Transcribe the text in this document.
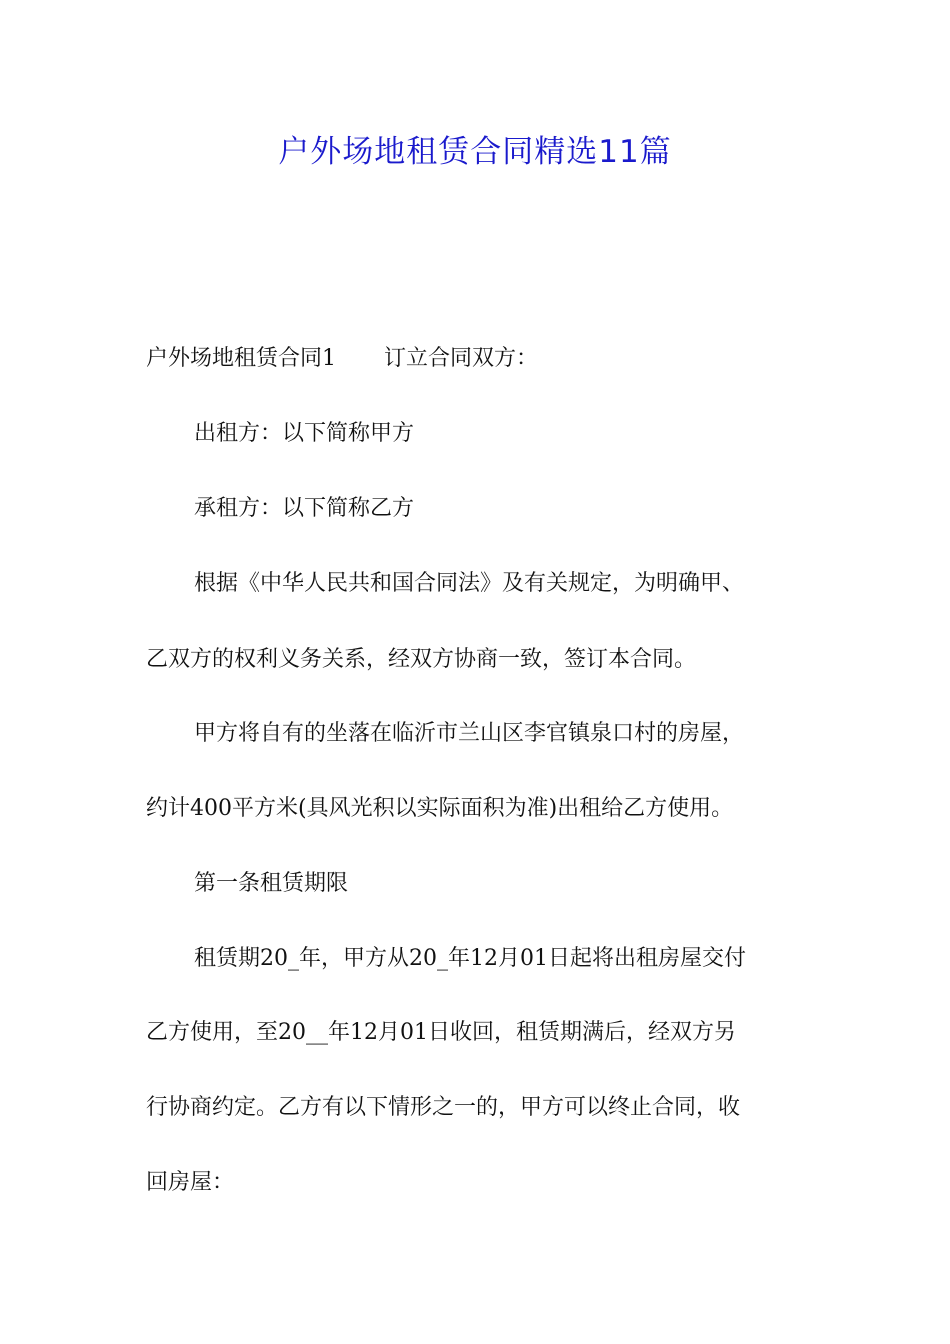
户外场地租赁合同精选11篇

户外场地租赁合同1 订立合同双方：

出租方：以下简称甲方

承租方：以下简称乙方

根据《中华人民共和国合同法》及有关规定，为明确甲、

乙双方的权利义务关系，经双方协商一致，签订本合同。

甲方将自有的坐落在临沂市兰山区李官镇泉口村的房屋，

约计400平方米(具风光积以实际面积为准)出租给乙方使用。

第一条租赁期限

租赁期20_年，甲方从20_年12月01日起将出租房屋交付

乙方使用，至20__年12月01日收回，租赁期满后，经双方另

行协商约定。乙方有以下情形之一的，甲方可以终止合同，收

回房屋：
